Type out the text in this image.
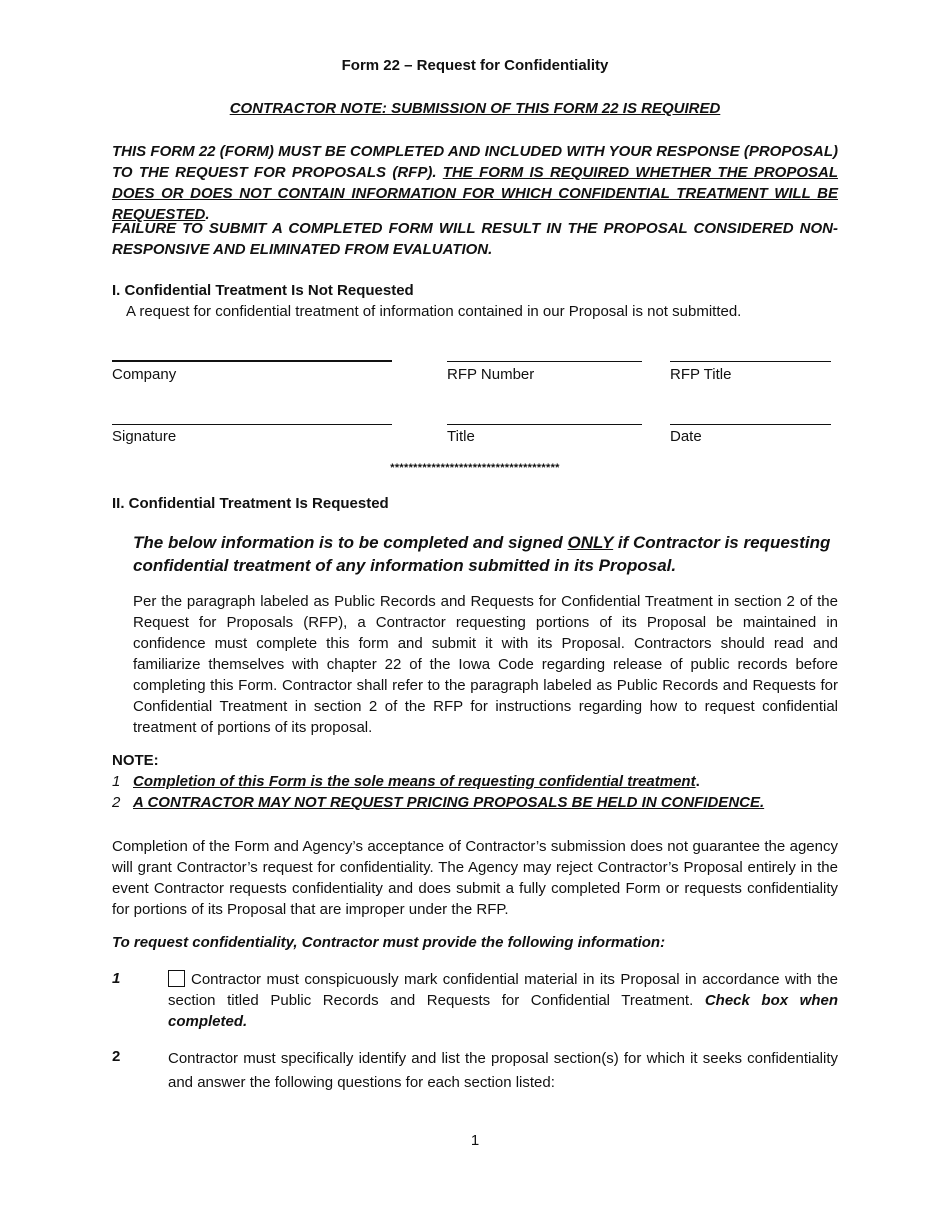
Form 22 – Request for Confidentiality
CONTRACTOR NOTE: SUBMISSION OF THIS FORM 22 IS REQUIRED
THIS FORM 22 (FORM) MUST BE COMPLETED AND INCLUDED WITH YOUR RESPONSE (PROPOSAL) TO THE REQUEST FOR PROPOSALS (RFP). THE FORM IS REQUIRED WHETHER THE PROPOSAL DOES OR DOES NOT CONTAIN INFORMATION FOR WHICH CONFIDENTIAL TREATMENT WILL BE REQUESTED.
FAILURE TO SUBMIT A COMPLETED FORM WILL RESULT IN THE PROPOSAL CONSIDERED NON-RESPONSIVE AND ELIMINATED FROM EVALUATION.
I. Confidential Treatment Is Not Requested
A request for confidential treatment of information contained in our Proposal is not submitted.
Company	RFP Number	RFP Title
Signature	Title	Date
*************************************
II. Confidential Treatment Is Requested
The below information is to be completed and signed ONLY if Contractor is requesting confidential treatment of any information submitted in its Proposal.
Per the paragraph labeled as Public Records and Requests for Confidential Treatment in section 2 of the Request for Proposals (RFP), a Contractor requesting portions of its Proposal be maintained in confidence must complete this form and submit it with its Proposal. Contractors should read and familiarize themselves with chapter 22 of the Iowa Code regarding release of public records before completing this Form. Contractor shall refer to the paragraph labeled as Public Records and Requests for Confidential Treatment in section 2 of the RFP for instructions regarding how to request confidential treatment of portions of its proposal.
NOTE:
1 Completion of this Form is the sole means of requesting confidential treatment.
2 A CONTRACTOR MAY NOT REQUEST PRICING PROPOSALS BE HELD IN CONFIDENCE.
Completion of the Form and Agency’s acceptance of Contractor’s submission does not guarantee the agency will grant Contractor’s request for confidentiality. The Agency may reject Contractor’s Proposal entirely in the event Contractor requests confidentiality and does submit a fully completed Form or requests confidentiality for portions of its Proposal that are improper under the RFP.
To request confidentiality, Contractor must provide the following information:
1	Contractor must conspicuously mark confidential material in its Proposal in accordance with the section titled Public Records and Requests for Confidential Treatment. Check box when completed.
2	Contractor must specifically identify and list the proposal section(s) for which it seeks confidentiality and answer the following questions for each section listed:
1
